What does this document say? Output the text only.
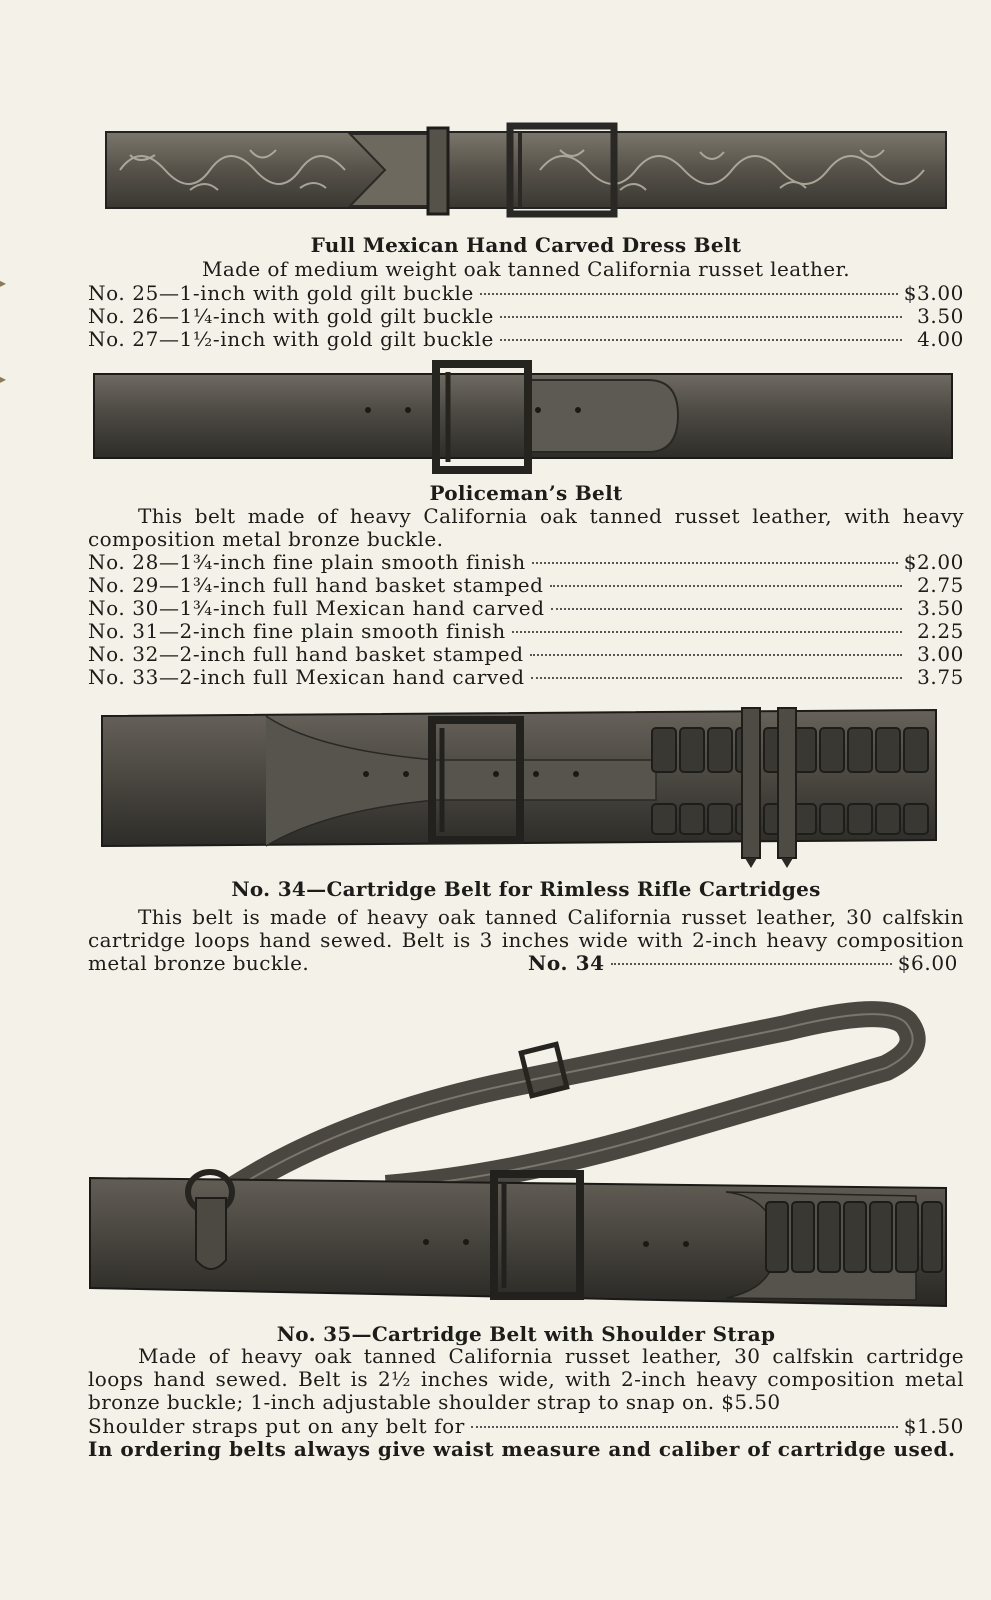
Full Mexican Hand Carved Dress Belt
Made of medium weight oak tanned California russet leather.
No. 25—1-inch with gold gilt buckle	$3.00
No. 26—1¼-inch with gold gilt buckle	3.50
No. 27—1½-inch with gold gilt buckle	4.00
Policeman’s Belt
This belt made of heavy California oak tanned russet leather, with heavy composition metal bronze buckle.
No. 28—1¾-inch fine plain smooth finish	$2.00
No. 29—1¾-inch full hand basket stamped	2.75
No. 30—1¾-inch full Mexican hand carved	3.50
No. 31—2-inch fine plain smooth finish	2.25
No. 32—2-inch full hand basket stamped	3.00
No. 33—2-inch full Mexican hand carved	3.75
No. 34—Cartridge Belt for Rimless Rifle Cartridges
This belt is made of heavy oak tanned California russet leather, 30 calfskin cartridge loops hand sewed. Belt is 3 inches wide with 2-inch heavy composition metal bronze buckle.	No. 34	$6.00
No. 35—Cartridge Belt with Shoulder Strap
Made of heavy oak tanned California russet leather, 30 calfskin cartridge loops hand sewed. Belt is 2½ inches wide, with 2-inch heavy composition metal bronze buckle; 1-inch adjustable shoulder strap to snap on. $5.50
Shoulder straps put on any belt for	$1.50
In ordering belts always give waist measure and caliber of cartridge used.
▸
▸
